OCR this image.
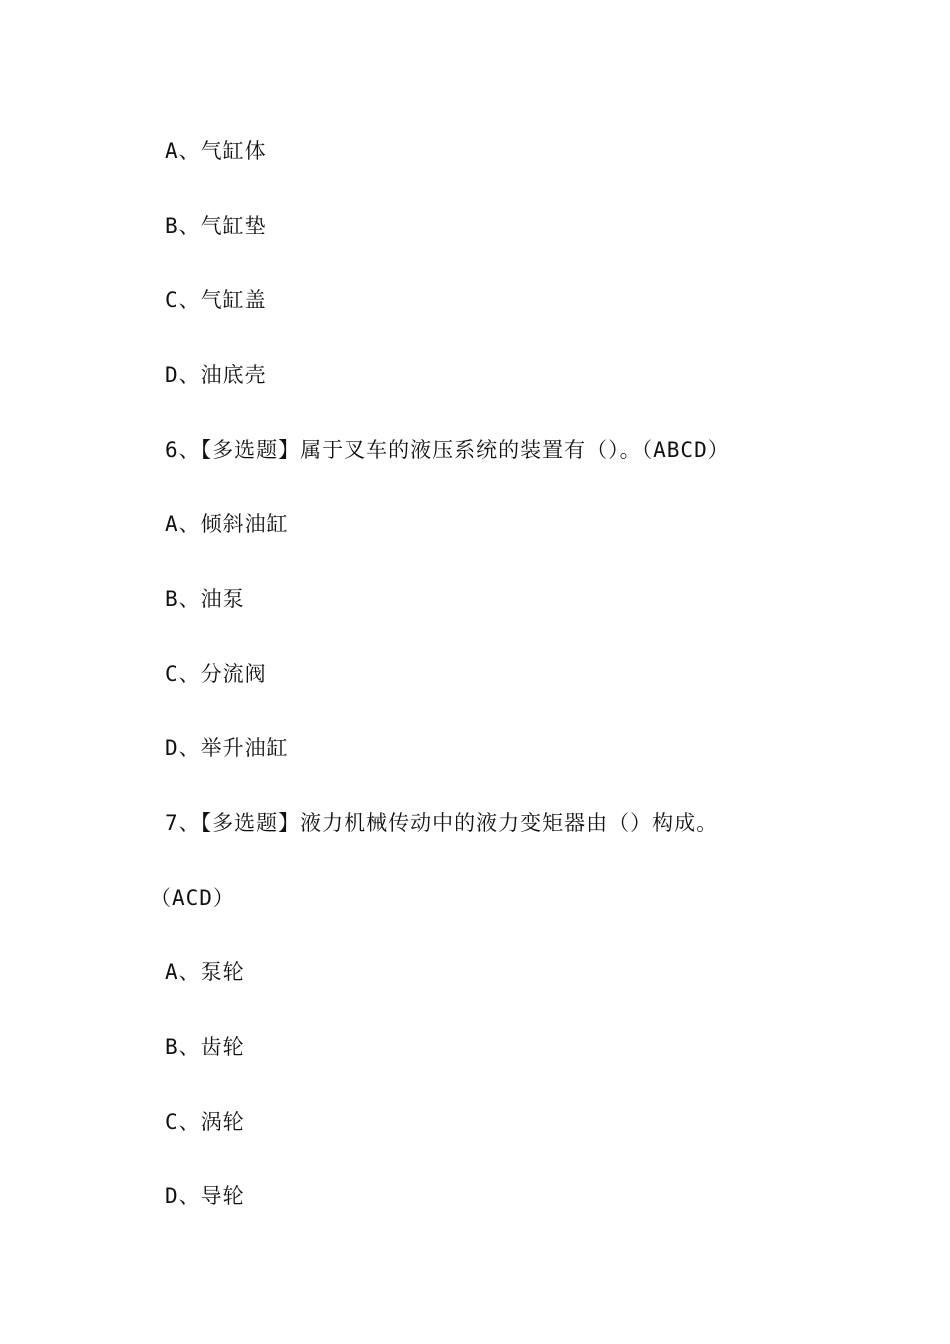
A、气缸体
B、气缸垫
C、气缸盖
D、油底壳
6、【多选题】属于叉车的液压系统的装置有（）。（ABCD）
A、倾斜油缸
B、油泵
C、分流阀
D、举升油缸
7、【多选题】液力机械传动中的液力变矩器由（）构成。
（ACD）
A、泵轮
B、齿轮
C、涡轮
D、导轮
